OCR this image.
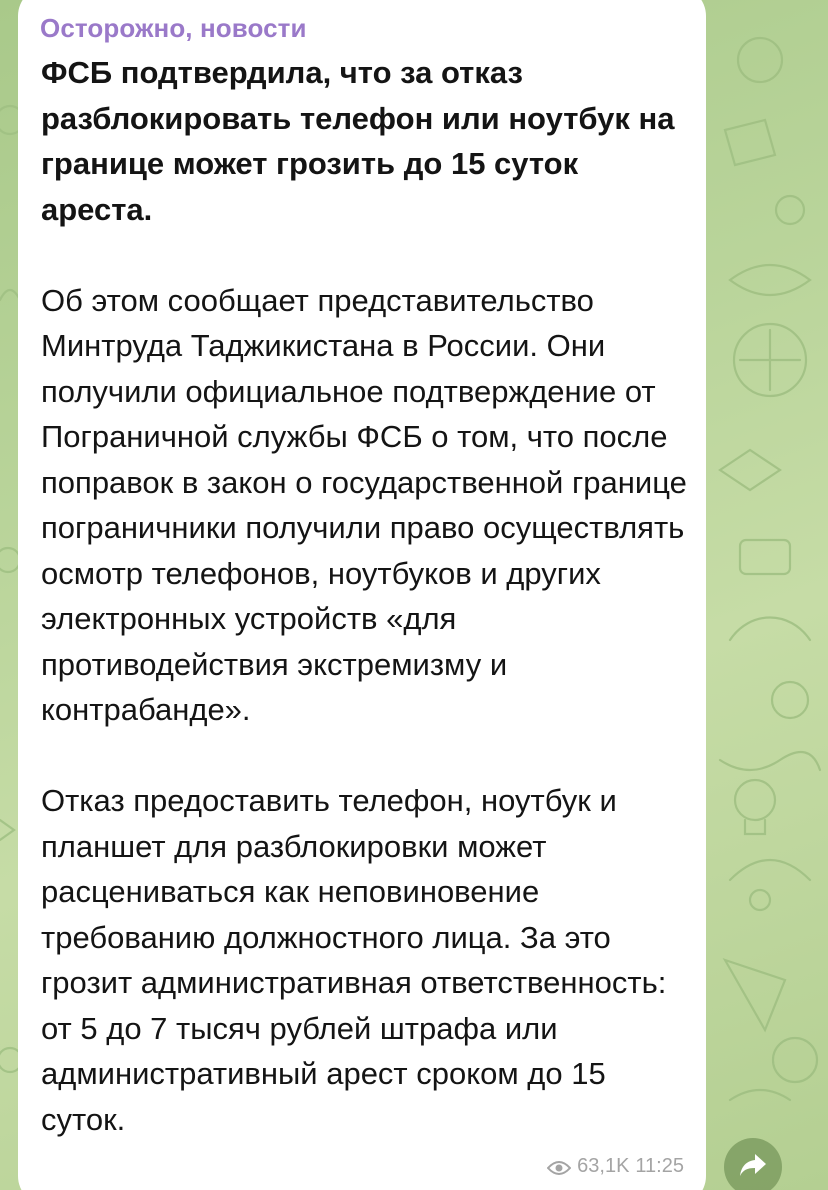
Осторожно, новости

ФСБ подтвердила, что за отказ разблокировать телефон или ноутбук на границе может грозить до 15 суток ареста.

Об этом сообщает представительство Минтруда Таджикистана в России. Они получили официальное подтверждение от Пограничной службы ФСБ о том, что после поправок в закон о государственной границе пограничники получили право осуществлять осмотр телефонов, ноутбуков и других электронных устройств «для противодействия экстремизму и контрабанде».

Отказ предоставить телефон, ноутбук и планшет для разблокировки может расцениваться как неповиновение требованию должностного лица. За это грозит административная ответственность: от 5 до 7 тысяч рублей штрафа или административный арест сроком до 15 суток.

63,1K 11:25
